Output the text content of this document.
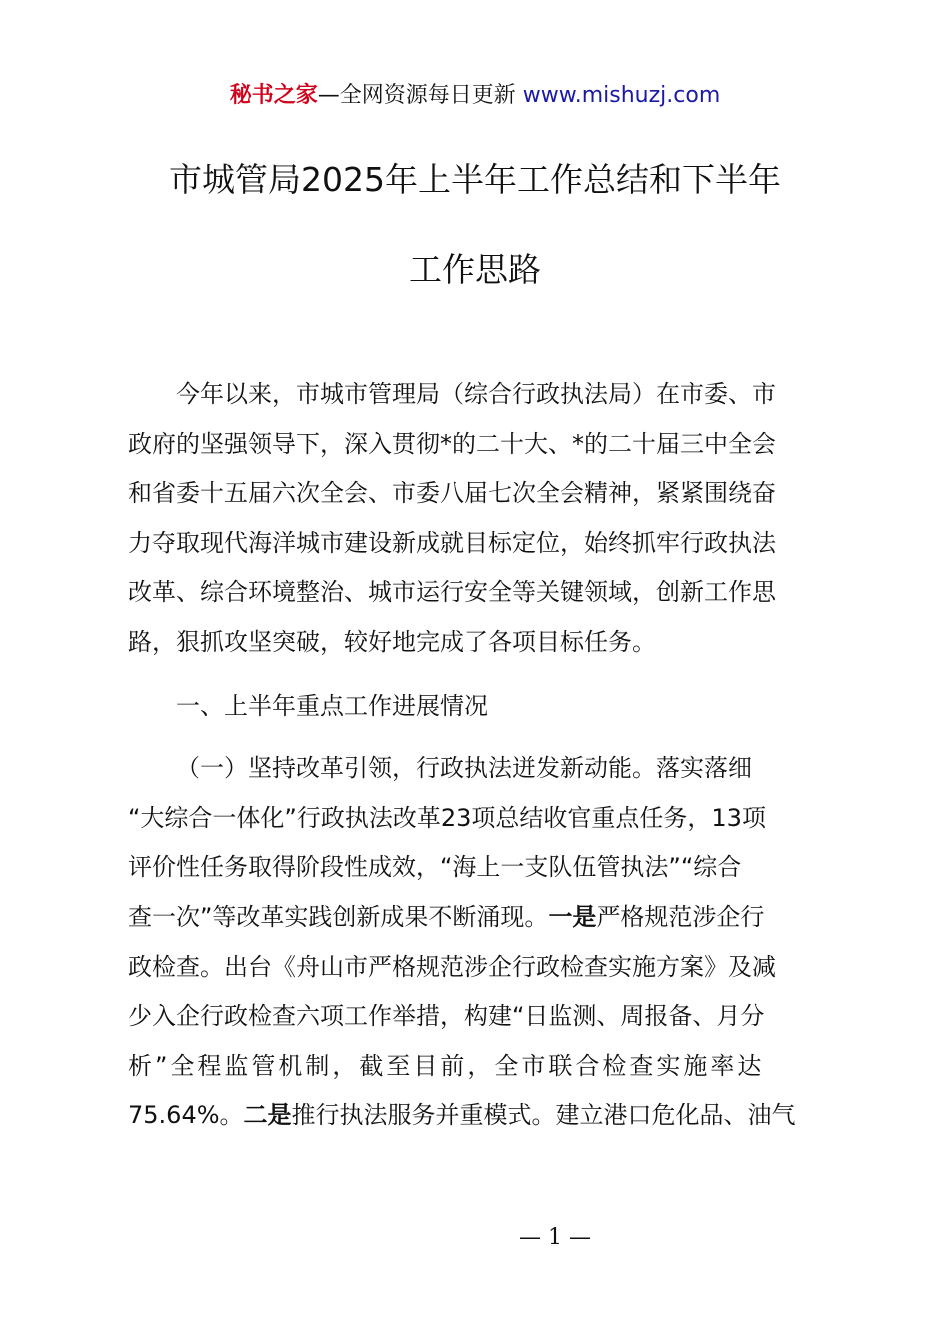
秘书之家—全网资源每日更新 www.mishuzj.com
市城管局2025年上半年工作总结和下半年
工作思路

今年以来，市城市管理局（综合行政执法局）在市委、市

政府的坚强领导下，深入贯彻*的二十大、*的二十届三中全会

和省委十五届六次全会、市委八届七次全会精神，紧紧围绕奋

力夺取现代海洋城市建设新成就目标定位，始终抓牢行政执法

改革、综合环境整治、城市运行安全等关键领域，创新工作思

路，狠抓攻坚突破，较好地完成了各项目标任务。

一、上半年重点工作进展情况

（一）坚持改革引领，行政执法迸发新动能。落实落细

“大综合一体化”行政执法改革23项总结收官重点任务，13项

评价性任务取得阶段性成效，“海上一支队伍管执法”“综合

查一次”等改革实践创新成果不断涌现。一是严格规范涉企行

政检查。出台《舟山市严格规范涉企行政检查实施方案》及减

少入企行政检查六项工作举措，构建“日监测、周报备、月分

析”全程监管机制，截至目前，全市联合检查实施率达

75.64%。二是推行执法服务并重模式。建立港口危化品、油气

— 1 —
